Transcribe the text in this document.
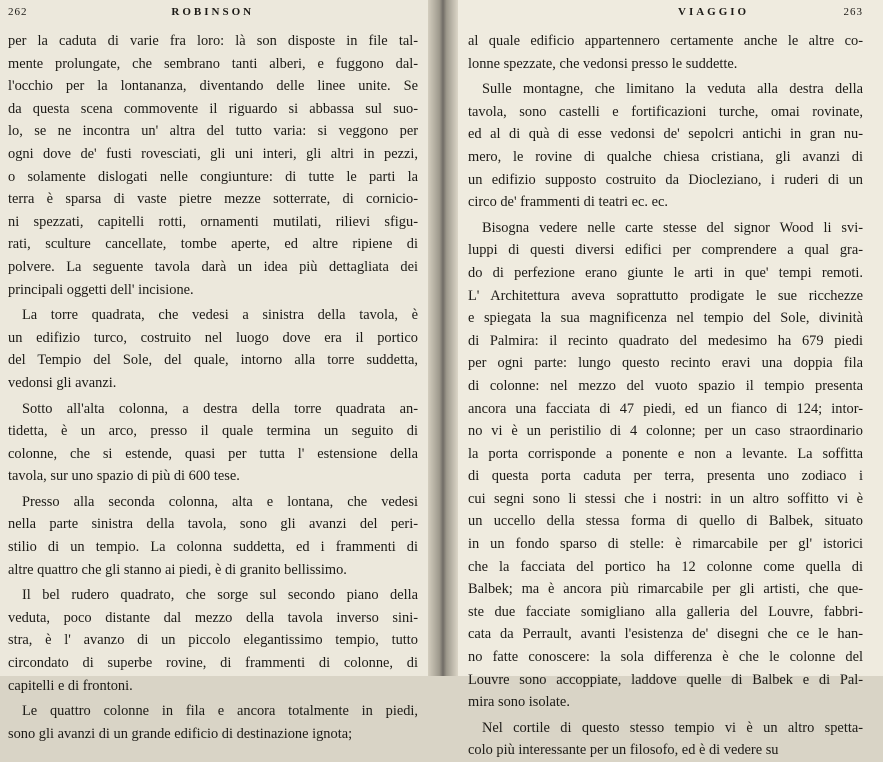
262	ROBINSON
per la caduta di varie fra loro: là son disposte in file tal-
mente prolungate, che sembrano tanti alberi, e fuggono dal-
l'occhio per la lontananza, diventando delle linee unite. Se
da questa scena commovente il riguardo si abbassa sul suo-
lo, se ne incontra un' altra del tutto varia: si veggono per
ogni dove de' fusti rovesciati, gli uni interi, gli altri in pezzi,
o solamente dislogati nelle congiunture: di tutte le parti la
terra è sparsa di vaste pietre mezze sotterrate, di cornicio-
ni spezzati, capitelli rotti, ornamenti mutilati, rilievi sfigu-
rati, sculture cancellate, tombe aperte, ed altre ripiene di
polvere. La seguente tavola darà un idea più dettagliata dei
principali oggetti dell' incisione.
La torre quadrata, che vedesi a sinistra della tavola, è
un edifizio turco, costruito nel luogo dove era il portico
del Tempio del Sole, del quale, intorno alla torre suddetta,
vedonsi gli avanzi.
Sotto all'alta colonna, a destra della torre quadrata an-
tidetta, è un arco, presso il quale termina un seguito di
colonne, che si estende, quasi per tutta l' estensione della
tavola, sur uno spazio di più di 600 tese.
Presso alla seconda colonna, alta e lontana, che vedesi
nella parte sinistra della tavola, sono gli avanzi del peri-
stilio di un tempio. La colonna suddetta, ed i frammenti di
altre quattro che gli stanno ai piedi, è di granito bellissimo.
Il bel rudero quadrato, che sorge sul secondo piano della
veduta, poco distante dal mezzo della tavola inverso sini-
stra, è l' avanzo di un piccolo elegantissimo tempio, tutto
circondato di superbe rovine, di frammenti di colonne, di
capitelli e di frontoni.
Le quattro colonne in fila e ancora totalmente in piedi,
sono gli avanzi di un grande edificio di destinazione ignota;
VIAGGIO	263
al quale edificio appartennero certamente anche le altre co-
lonne spezzate, che vedonsi presso le suddette.
Sulle montagne, che limitano la veduta alla destra della
tavola, sono castelli e fortificazioni turche, omai rovinate,
ed al di quà di esse vedonsi de' sepolcri antichi in gran nu-
mero, le rovine di qualche chiesa cristiana, gli avanzi di
un edifizio supposto costruito da Diocleziano, i ruderi di un
circo de' frammenti di teatri ec. ec.
Bisogna vedere nelle carte stesse del signor Wood li svi-
luppi di questi diversi edifici per comprendere a qual gra-
do di perfezione erano giunte le arti in que' tempi remoti.
L' Architettura aveva soprattutto prodigate le sue ricchezze
e spiegata la sua magnificenza nel tempio del Sole, divinità
di Palmira: il recinto quadrato del medesimo ha 679 piedi
per ogni parte: lungo questo recinto eravi una doppia fila
di colonne: nel mezzo del vuoto spazio il tempio presenta
ancora una facciata di 47 piedi, ed un fianco di 124; intor-
no vi è un peristilio di 4 colonne; per un caso straordinario
la porta corrisponde a ponente e non a levante. La soffitta
di questa porta caduta per terra, presenta uno zodiaco i
cui segni sono li stessi che i nostri: in un altro soffitto vi è
un uccello della stessa forma di quello di Balbek, situato
in un fondo sparso di stelle: è rimarcabile per gl' istorici
che la facciata del portico ha 12 colonne come quella di
Balbek; ma è ancora più rimarcabile per gli artisti, che que-
ste due facciate somigliano alla galleria del Louvre, fabbri-
cata da Perrault, avanti l'esistenza de' disegni che ce le han-
no fatte conoscere: la sola differenza è che le colonne del
Louvre sono accoppiate, laddove quelle di Balbek e di Pal-
mira sono isolate.
Nel cortile di questo stesso tempio vi è un altro spetta-
colo più interessante per un filosofo, ed è di vedere su
